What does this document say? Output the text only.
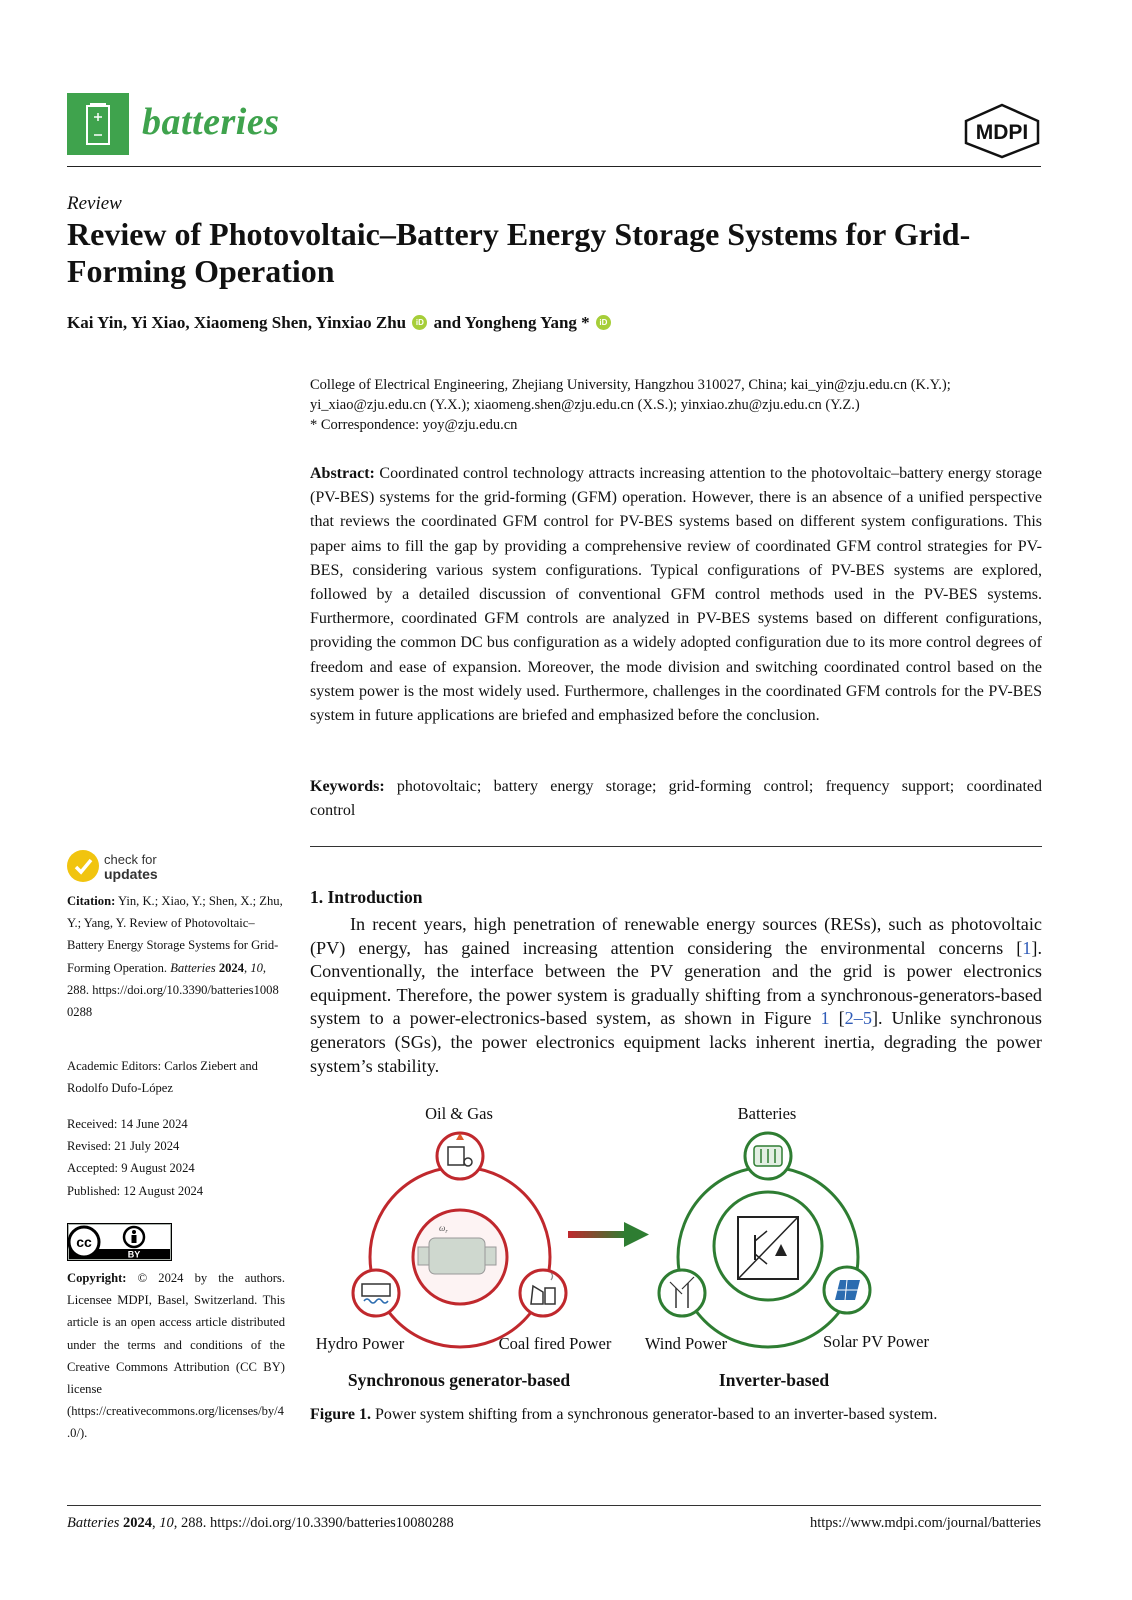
batteries	MDPI
Review
Review of Photovoltaic–Battery Energy Storage Systems for Grid-Forming Operation
Kai Yin, Yi Xiao, Xiaomeng Shen, Yinxiao Zhu iD and Yongheng Yang * iD
College of Electrical Engineering, Zhejiang University, Hangzhou 310027, China; kai_yin@zju.edu.cn (K.Y.);
yi_xiao@zju.edu.cn (Y.X.); xiaomeng.shen@zju.edu.cn (X.S.); yinxiao.zhu@zju.edu.cn (Y.Z.)
* Correspondence: yoy@zju.edu.cn
Abstract: Coordinated control technology attracts increasing attention to the photovoltaic–battery energy storage (PV-BES) systems for the grid-forming (GFM) operation. However, there is an absence of a unified perspective that reviews the coordinated GFM control for PV-BES systems based on different system configurations. This paper aims to fill the gap by providing a comprehensive review of coordinated GFM control strategies for PV-BES, considering various system configurations. Typical configurations of PV-BES systems are explored, followed by a detailed discussion of conventional GFM control methods used in the PV-BES systems. Furthermore, coordinated GFM controls are analyzed in PV-BES systems based on different configurations, providing the common DC bus configuration as a widely adopted configuration due to its more control degrees of freedom and ease of expansion. Moreover, the mode division and switching coordinated control based on the system power is the most widely used. Furthermore, challenges in the coordinated GFM controls for the PV-BES system in future applications are briefed and emphasized before the conclusion.
Keywords: photovoltaic; battery energy storage; grid-forming control; frequency support; coordinated control
check for
updates
Citation: Yin, K.; Xiao, Y.; Shen, X.; Zhu, Y.; Yang, Y. Review of Photovoltaic–Battery Energy Storage Systems for Grid-Forming Operation. Batteries 2024, 10, 288. https://doi.org/10.3390/batteries10080288
Academic Editors: Carlos Ziebert and Rodolfo Dufo-López
Received: 14 June 2024
Revised: 21 July 2024
Accepted: 9 August 2024
Published: 12 August 2024
cc
BY
Copyright: © 2024 by the authors. Licensee MDPI, Basel, Switzerland. This article is an open access article distributed under the terms and conditions of the Creative Commons Attribution (CC BY) license (https://creativecommons.org/licenses/by/4.0/).
1. Introduction
In recent years, high penetration of renewable energy sources (RESs), such as photovoltaic (PV) energy, has gained increasing attention considering the environmental concerns [1]. Conventionally, the interface between the PV generation and the grid is power electronics equipment. Therefore, the power system is gradually shifting from a synchronous-generators-based system to a power-electronics-based system, as shown in Figure 1 [2–5]. Unlike synchronous generators (SGs), the power electronics equipment lacks inherent inertia, degrading the power system’s stability.
$\omega_r$
Oil & Gas
Hydro Power	Coal fired Power
Synchronous generator-based
Batteries
Wind Power	Solar PV Power
Inverter-based
Figure 1. Power system shifting from a synchronous generator-based to an inverter-based system.
Batteries 2024, 10, 288. https://doi.org/10.3390/batteries10080288	https://www.mdpi.com/journal/batteries
